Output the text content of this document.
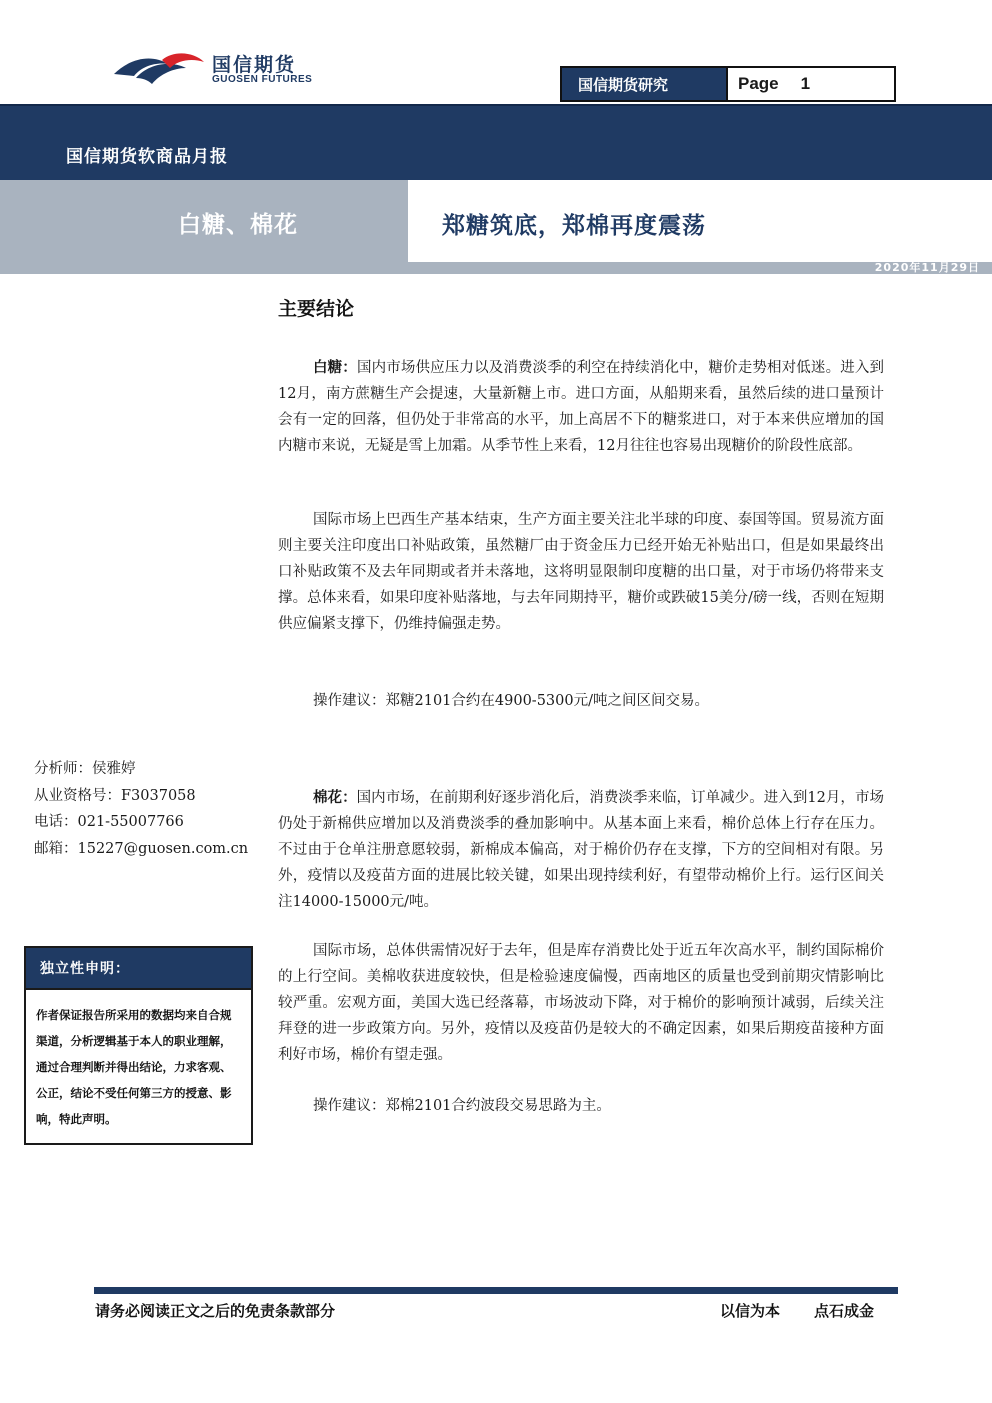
国信期货
GUOSEN FUTURES	国信期货研究	Page 1
国信期货软商品月报
白糖、棉花	郑糖筑底，郑棉再度震荡
2020年11月29日
主要结论

白糖：国内市场供应压力以及消费淡季的利空在持续消化中，糖价走势相对低迷。进入到12月，南方蔗糖生产会提速，大量新糖上市。进口方面，从船期来看，虽然后续的进口量预计会有一定的回落，但仍处于非常高的水平，加上高居不下的糖浆进口，对于本来供应增加的国内糖市来说，无疑是雪上加霜。从季节性上来看，12月往往也容易出现糖价的阶段性底部。

国际市场上巴西生产基本结束，生产方面主要关注北半球的印度、泰国等国。贸易流方面则主要关注印度出口补贴政策，虽然糖厂由于资金压力已经开始无补贴出口，但是如果最终出口补贴政策不及去年同期或者并未落地，这将明显限制印度糖的出口量，对于市场仍将带来支撑。总体来看，如果印度补贴落地，与去年同期持平，糖价或跌破15美分/磅一线，否则在短期供应偏紧支撑下，仍维持偏强走势。

操作建议：郑糖2101合约在4900-5300元/吨之间区间交易。

棉花：国内市场，在前期利好逐步消化后，消费淡季来临，订单减少。进入到12月，市场仍处于新棉供应增加以及消费淡季的叠加影响中。从基本面上来看，棉价总体上行存在压力。不过由于仓单注册意愿较弱，新棉成本偏高，对于棉价仍存在支撑，下方的空间相对有限。另外，疫情以及疫苗方面的进展比较关键，如果出现持续利好，有望带动棉价上行。运行区间关注14000-15000元/吨。

国际市场，总体供需情况好于去年，但是库存消费比处于近五年次高水平，制约国际棉价的上行空间。美棉收获进度较快，但是检验速度偏慢，西南地区的质量也受到前期灾情影响比较严重。宏观方面，美国大选已经落幕，市场波动下降，对于棉价的影响预计减弱，后续关注拜登的进一步政策方向。另外，疫情以及疫苗仍是较大的不确定因素，如果后期疫苗接种方面利好市场，棉价有望走强。

操作建议：郑棉2101合约波段交易思路为主。

分析师：侯雅婷
从业资格号：F3037058
电话：021-55007766
邮箱：15227@guosen.com.cn
独立性申明：
作者保证报告所采用的数据均来自合规渠道，分析逻辑基于本人的职业理解，通过合理判断并得出结论，力求客观、公正，结论不受任何第三方的授意、影响，特此声明。
请务必阅读正文之后的免责条款部分	以信为本 点石成金
